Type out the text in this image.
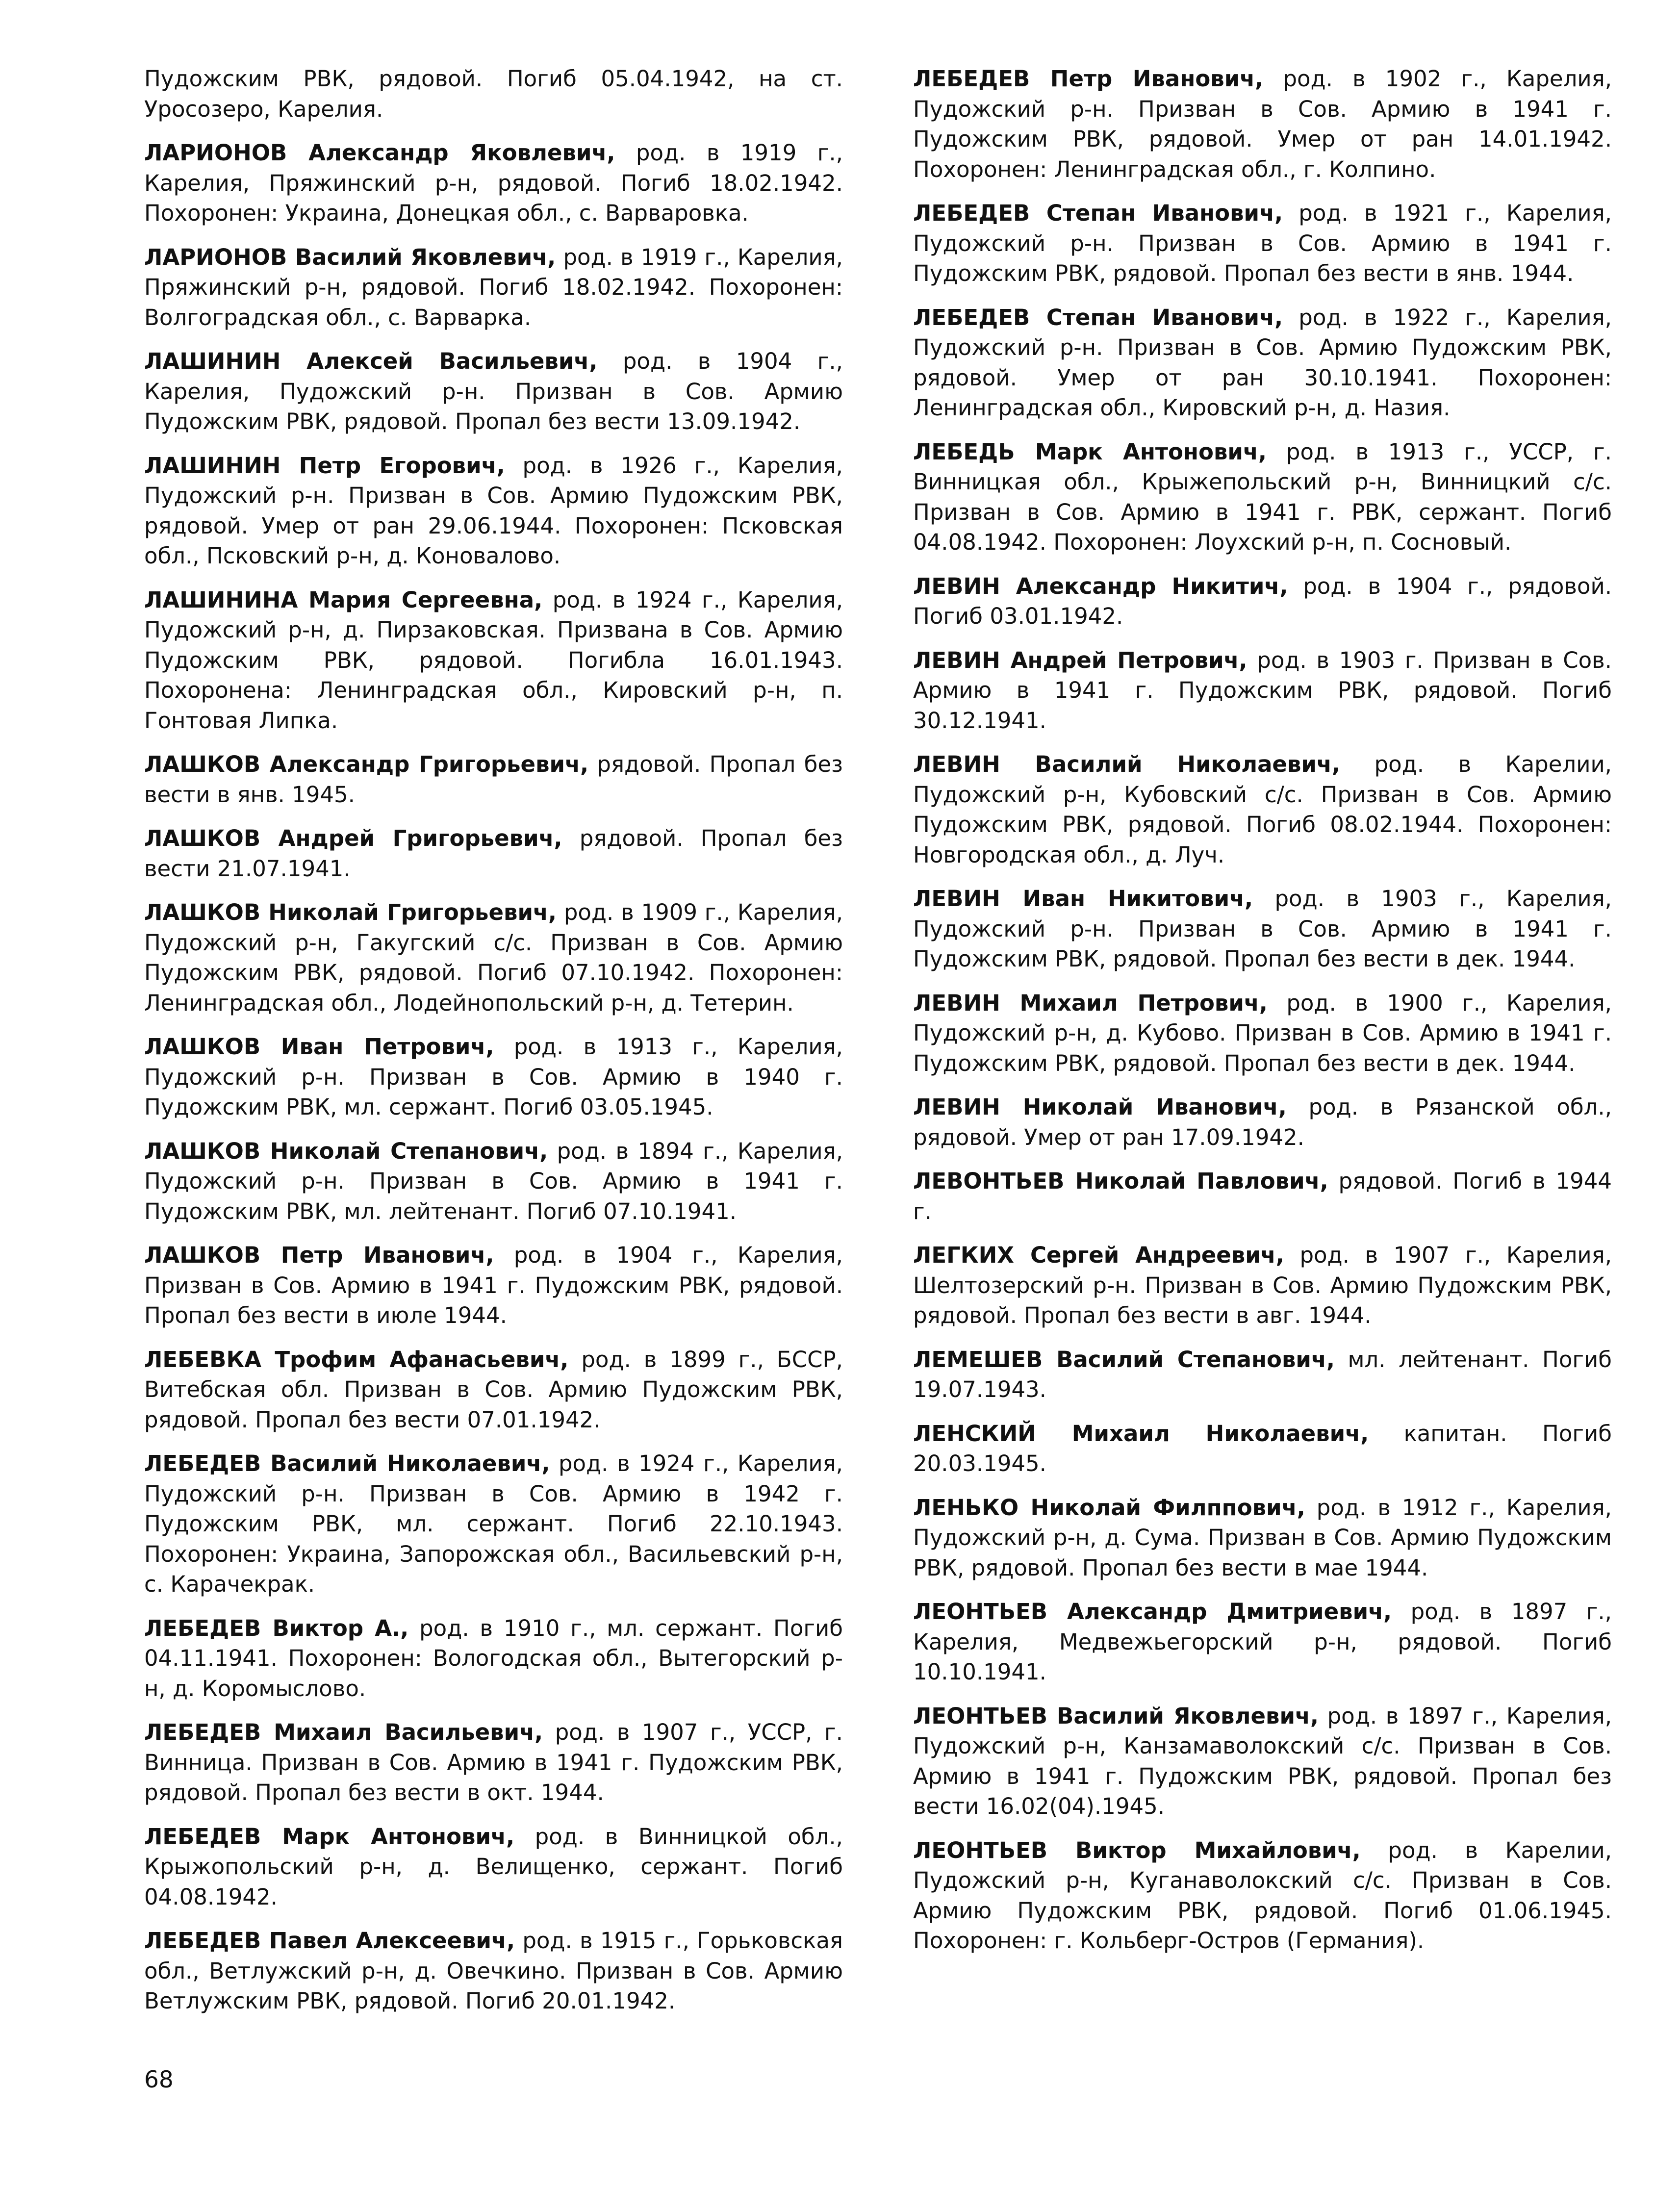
Пудожским РВК, рядовой. Погиб 05.04.1942, на ст. Уросозеро, Карелия.

ЛАРИОНОВ Александр Яковлевич, род. в 1919 г., Карелия, Пряжинский р-н, рядовой. Погиб 18.02.1942. Похоронен: Украина, Донецкая обл., с. Варваровка.

ЛАРИОНОВ Василий Яковлевич, род. в 1919 г., Карелия, Пряжинский р-н, рядовой. Погиб 18.02.1942. Похоронен: Волгоградская обл., с. Варварка.

ЛАШИНИН Алексей Васильевич, род. в 1904 г., Карелия, Пудожский р-н. Призван в Сов. Армию Пудожским РВК, рядовой. Пропал без вести 13.09.1942.

ЛАШИНИН Петр Егорович, род. в 1926 г., Карелия, Пудожский р-н. Призван в Сов. Армию Пудожским РВК, рядовой. Умер от ран 29.06.1944. Похоронен: Псковская обл., Псковский р-н, д. Коновалово.

ЛАШИНИНА Мария Сергеевна, род. в 1924 г., Карелия, Пудожский р-н, д. Пирзаковская. Призвана в Сов. Армию Пудожским РВК, рядовой. Погибла 16.01.1943. Похоронена: Ленинградская обл., Кировский р-н, п. Гонтовая Липка.

ЛАШКОВ Александр Григорьевич, рядовой. Пропал без вести в янв. 1945.

ЛАШКОВ Андрей Григорьевич, рядовой. Пропал без вести 21.07.1941.

ЛАШКОВ Николай Григорьевич, род. в 1909 г., Карелия, Пудожский р-н, Гакугский с/с. Призван в Сов. Армию Пудожским РВК, рядовой. Погиб 07.10.1942. Похоронен: Ленинградская обл., Лодейнопольский р-н, д. Тетерин.

ЛАШКОВ Иван Петрович, род. в 1913 г., Карелия, Пудожский р-н. Призван в Сов. Армию в 1940 г. Пудожским РВК, мл. сержант. Погиб 03.05.1945.

ЛАШКОВ Николай Степанович, род. в 1894 г., Карелия, Пудожский р-н. Призван в Сов. Армию в 1941 г. Пудожским РВК, мл. лейтенант. Погиб 07.10.1941.

ЛАШКОВ Петр Иванович, род. в 1904 г., Карелия, Призван в Сов. Армию в 1941 г. Пудожским РВК, рядовой. Пропал без вести в июле 1944.

ЛЕБЕВКА Трофим Афанасьевич, род. в 1899 г., БССР, Витебская обл. Призван в Сов. Армию Пудожским РВК, рядовой. Пропал без вести 07.01.1942.

ЛЕБЕДЕВ Василий Николаевич, род. в 1924 г., Карелия, Пудожский р-н. Призван в Сов. Армию в 1942 г. Пудожским РВК, мл. сержант. Погиб 22.10.1943. Похоронен: Украина, Запорожская обл., Васильевский р-н, с. Карачекрак.

ЛЕБЕДЕВ Виктор А., род. в 1910 г., мл. сержант. Погиб 04.11.1941. Похоронен: Вологодская обл., Вытегорский р-н, д. Коромыслово.

ЛЕБЕДЕВ Михаил Васильевич, род. в 1907 г., УССР, г. Винница. Призван в Сов. Армию в 1941 г. Пудожским РВК, рядовой. Пропал без вести в окт. 1944.

ЛЕБЕДЕВ Марк Антонович, род. в Винницкой обл., Крыжопольский р-н, д. Велищенко, сержант. Погиб 04.08.1942.

ЛЕБЕДЕВ Павел Алексеевич, род. в 1915 г., Горьковская обл., Ветлужский р-н, д. Овечкино. Призван в Сов. Армию Ветлужским РВК, рядовой. Погиб 20.01.1942.

ЛЕБЕДЕВ Петр Иванович, род. в 1902 г., Карелия, Пудожский р-н. Призван в Сов. Армию в 1941 г. Пудожским РВК, рядовой. Умер от ран 14.01.1942. Похоронен: Ленинградская обл., г. Колпино.

ЛЕБЕДЕВ Степан Иванович, род. в 1921 г., Карелия, Пудожский р-н. Призван в Сов. Армию в 1941 г. Пудожским РВК, рядовой. Пропал без вести в янв. 1944.

ЛЕБЕДЕВ Степан Иванович, род. в 1922 г., Карелия, Пудожский р-н. Призван в Сов. Армию Пудожским РВК, рядовой. Умер от ран 30.10.1941. Похоронен: Ленинградская обл., Кировский р-н, д. Назия.

ЛЕБЕДЬ Марк Антонович, род. в 1913 г., УССР, г. Винницкая обл., Крыжепольский р-н, Винницкий с/с. Призван в Сов. Армию в 1941 г. РВК, сержант. Погиб 04.08.1942. Похоронен: Лоухский р-н, п. Сосновый.

ЛЕВИН Александр Никитич, род. в 1904 г., рядовой. Погиб 03.01.1942.

ЛЕВИН Андрей Петрович, род. в 1903 г. Призван в Сов. Армию в 1941 г. Пудожским РВК, рядовой. Погиб 30.12.1941.

ЛЕВИН Василий Николаевич, род. в Карелии, Пудожский р-н, Кубовский с/с. Призван в Сов. Армию Пудожским РВК, рядовой. Погиб 08.02.1944. Похоронен: Новгородская обл., д. Луч.

ЛЕВИН Иван Никитович, род. в 1903 г., Карелия, Пудожский р-н. Призван в Сов. Армию в 1941 г. Пудожским РВК, рядовой. Пропал без вести в дек. 1944.

ЛЕВИН Михаил Петрович, род. в 1900 г., Карелия, Пудожский р-н, д. Кубово. Призван в Сов. Армию в 1941 г. Пудожским РВК, рядовой. Пропал без вести в дек. 1944.

ЛЕВИН Николай Иванович, род. в Рязанской обл., рядовой. Умер от ран 17.09.1942.

ЛЕВОНТЬЕВ Николай Павлович, рядовой. Погиб в 1944 г.

ЛЕГКИХ Сергей Андреевич, род. в 1907 г., Карелия, Шелтозерский р-н. Призван в Сов. Армию Пудожским РВК, рядовой. Пропал без вести в авг. 1944.

ЛЕМЕШЕВ Василий Степанович, мл. лейтенант. Погиб 19.07.1943.

ЛЕНСКИЙ Михаил Николаевич, капитан. Погиб 20.03.1945.

ЛЕНЬКО Николай Филппович, род. в 1912 г., Карелия, Пудожский р-н, д. Сума. Призван в Сов. Армию Пудожским РВК, рядовой. Пропал без вести в мае 1944.

ЛЕОНТЬЕВ Александр Дмитриевич, род. в 1897 г., Карелия, Медвежьегорский р-н, рядовой. Погиб 10.10.1941.

ЛЕОНТЬЕВ Василий Яковлевич, род. в 1897 г., Карелия, Пудожский р-н, Канзамаволокский с/с. Призван в Сов. Армию в 1941 г. Пудожским РВК, рядовой. Пропал без вести 16.02(04).1945.

ЛЕОНТЬЕВ Виктор Михайлович, род. в Карелии, Пудожский р-н, Куганаволокский с/с. Призван в Сов. Армию Пудожским РВК, рядовой. Погиб 01.06.1945. Похоронен: г. Кольберг-Остров (Германия).

68
